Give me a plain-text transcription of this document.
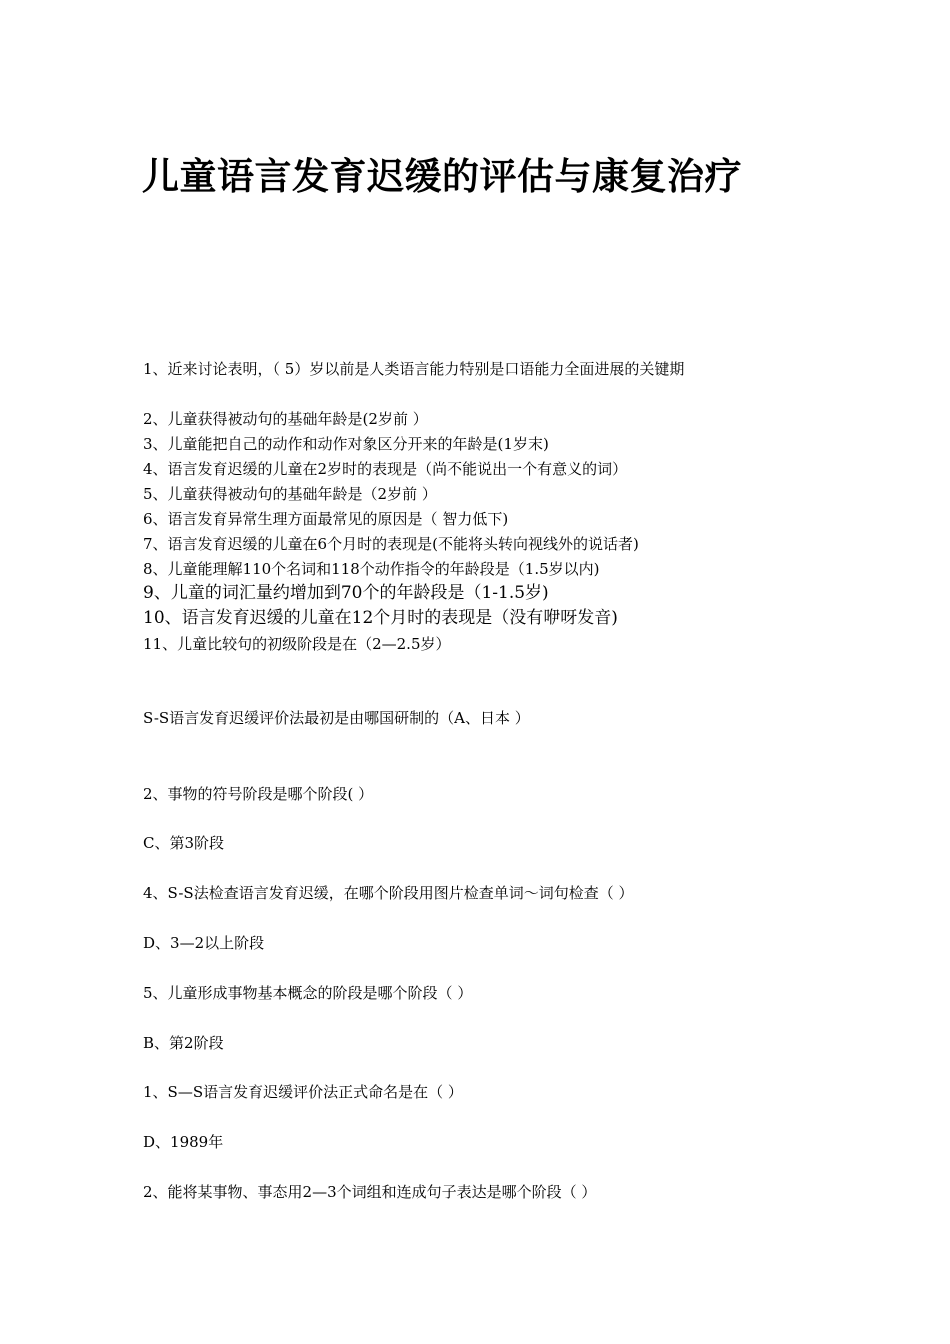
儿童语言发育迟缓的评估与康复治疗
1、近来讨论表明，（ 5）岁以前是人类语言能力特别是口语能力全面进展的关键期
2、儿童获得被动句的基础年龄是(2岁前 ）
3、儿童能把自己的动作和动作对象区分开来的年龄是(1岁末)
4、语言发育迟缓的儿童在2岁时的表现是（尚不能说出一个有意义的词）
5、儿童获得被动句的基础年龄是（2岁前 ）
6、语言发育异常生理方面最常见的原因是（ 智力低下)
7、语言发育迟缓的儿童在6个月时的表现是(不能将头转向视线外的说话者)
8、儿童能理解110个名词和118个动作指令的年龄段是（1.5岁以内)
9、儿童的词汇量约增加到70个的年龄段是（1-1.5岁)
10、语言发育迟缓的儿童在12个月时的表现是（没有咿呀发音)
11、儿童比较句的初级阶段是在（2—2.5岁）
S-S语言发育迟缓评价法最初是由哪国研制的（A、日本 ）
2、事物的符号阶段是哪个阶段( ）
C、第3阶段
4、S-S法检查语言发育迟缓，在哪个阶段用图片检查单词～词句检查（ ）
D、3—2以上阶段
5、儿童形成事物基本概念的阶段是哪个阶段（ ）
B、第2阶段
1、S—S语言发育迟缓评价法正式命名是在（ ）
D、1989年
2、能将某事物、事态用2—3个词组和连成句子表达是哪个阶段（ ）
